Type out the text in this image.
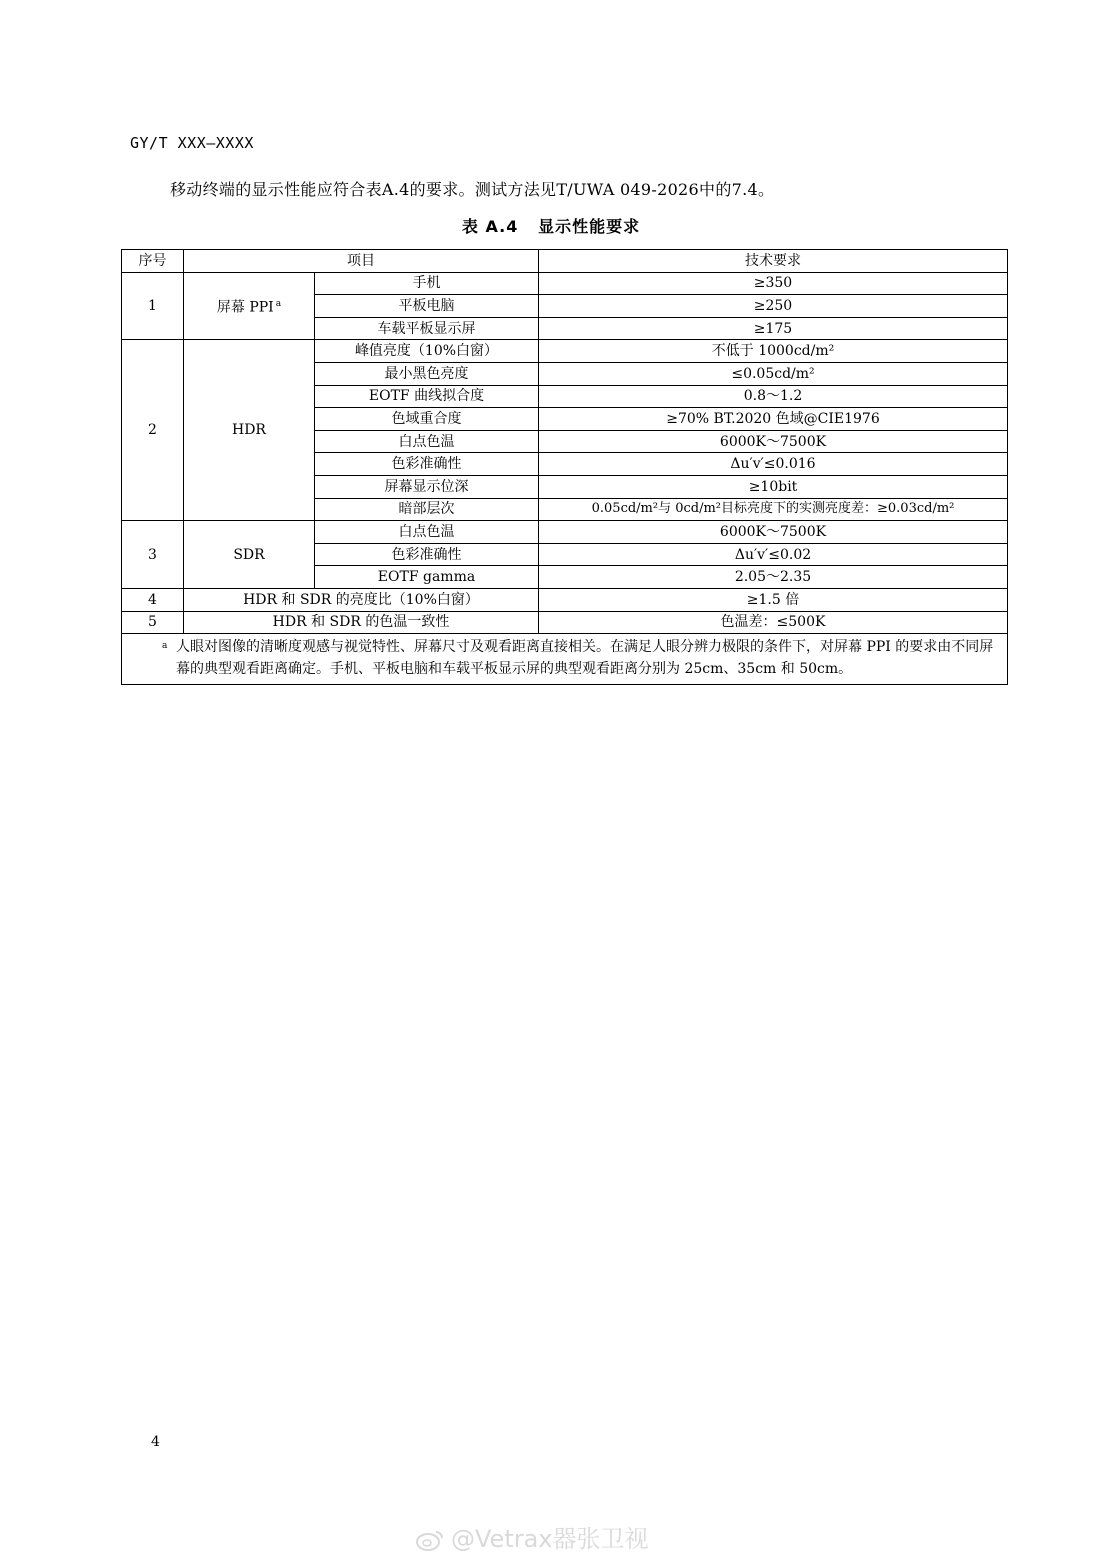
GY/T XXX—XXXX
移动终端的显示性能应符合表A.4的要求。测试方法见T/UWA 049-2026中的7.4。
表 A.4   显示性能要求
序号	项目		技术要求
1	屏幕 PPI $^a$	手机	≥350
		平板电脑	≥250
		车载平板显示屏	≥175
2	HDR	峰值亮度（10%白窗）	不低于 1000cd/m²
		最小黑色亮度	≤0.05cd/m²
		EOTF 曲线拟合度	0.8～1.2
		色域重合度	≥70% BT.2020 色域@CIE1976
		白点色温	6000K～7500K
		色彩准确性	Δu′v′≤0.016
		屏幕显示位深	≥10bit
		暗部层次	0.05cd/m²与 0cd/m²目标亮度下的实测亮度差：≥0.03cd/m²
3	SDR	白点色温	6000K～7500K
		色彩准确性	Δu′v′≤0.02
		EOTF gamma	2.05～2.35
4	HDR 和 SDR 的亮度比（10%白窗）		≥1.5 倍
5	HDR 和 SDR 的色温一致性		色温差：≤500K

a 人眼对图像的清晰度观感与视觉特性、屏幕尺寸及观看距离直接相关。在满足人眼分辨力极限的条件下，对屏幕 PPI 的要求由不同屏幕的典型观看距离确定。手机、平板电脑和车载平板显示屏的典型观看距离分别为 25cm、35cm 和 50cm。			
4
@Vetrax器张卫视
